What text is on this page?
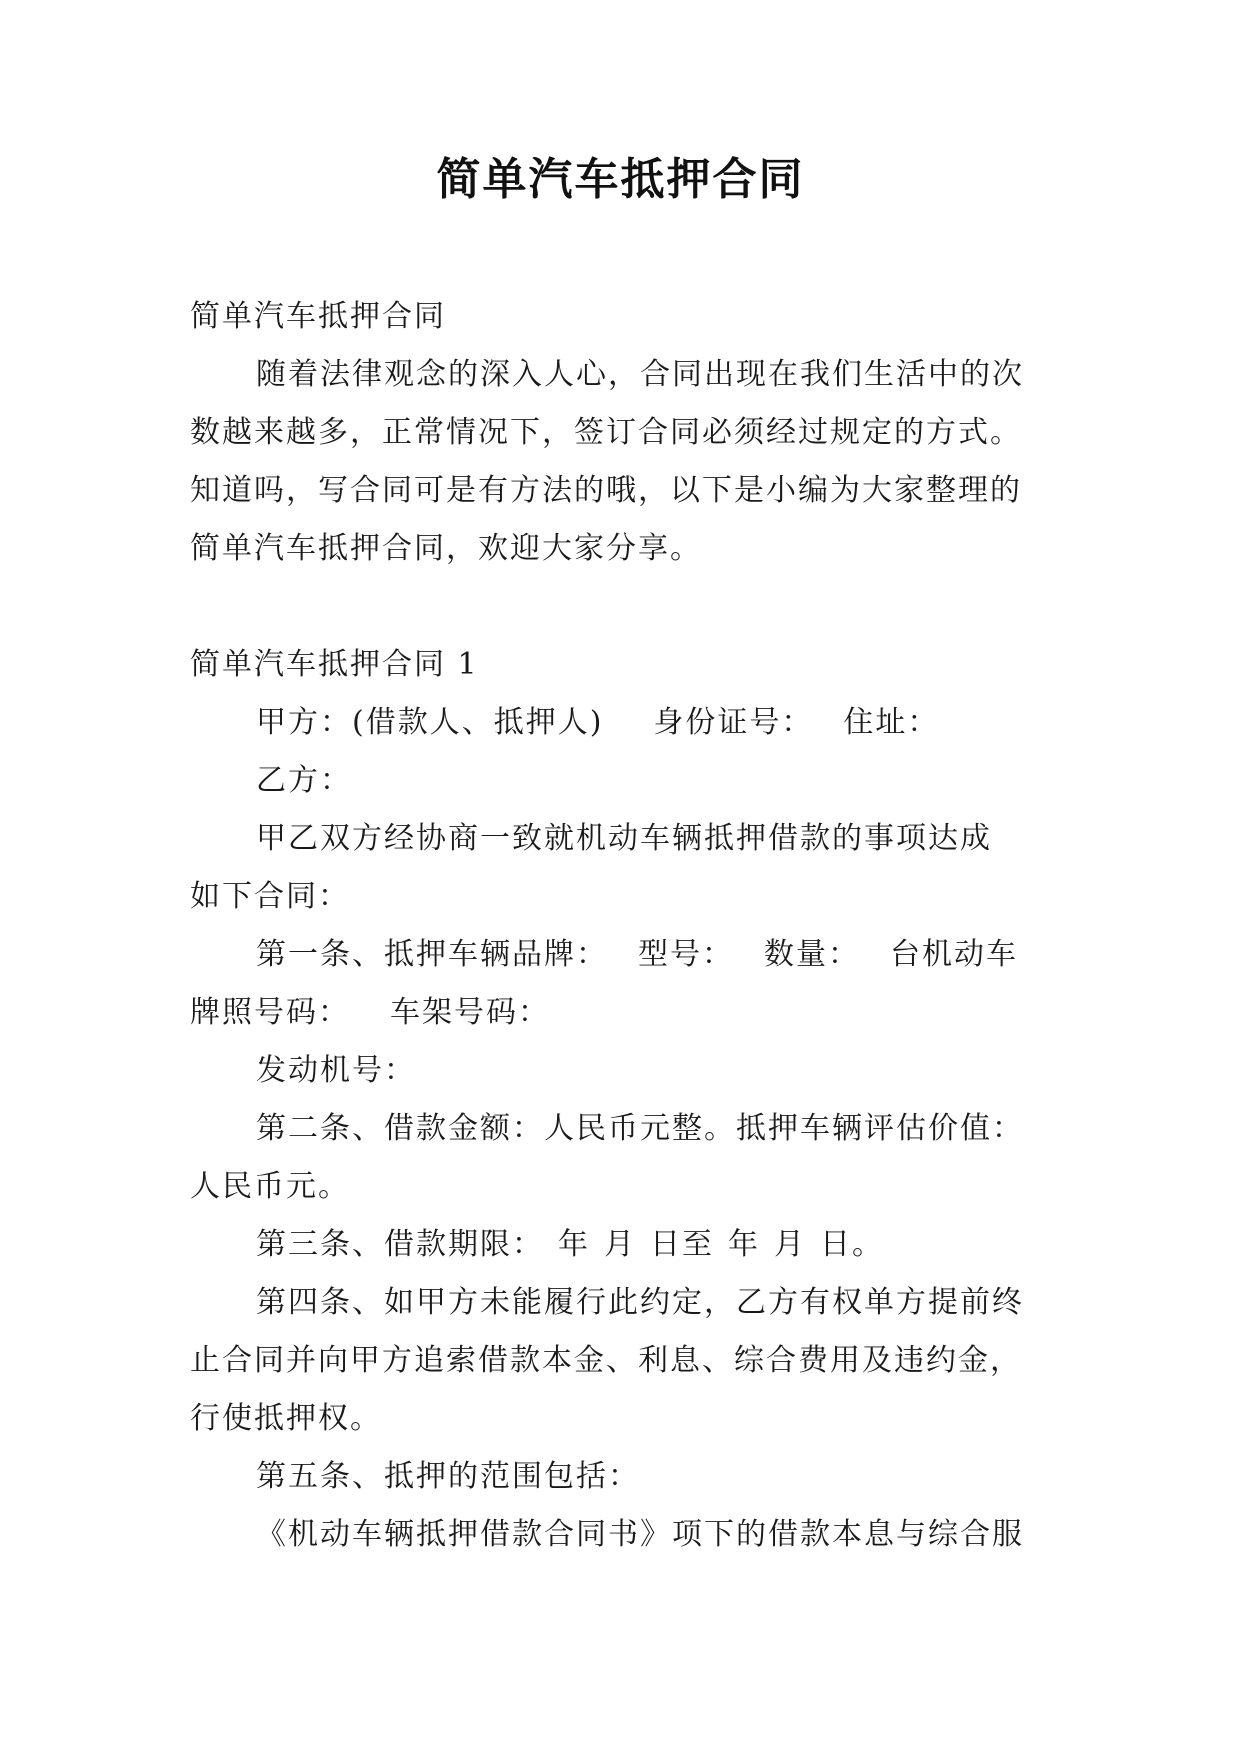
简单汽车抵押合同
简单汽车抵押合同
随着法律观念的深入人心，合同出现在我们生活中的次
数越来越多，正常情况下，签订合同必须经过规定的方式。
知道吗，写合同可是有方法的哦，以下是小编为大家整理的
简单汽车抵押合同，欢迎大家分享。
简单汽车抵押合同 1
甲方：(借款人、抵押人) 身份证号： 住址：
乙方：
甲乙双方经协商一致就机动车辆抵押借款的事项达成
如下合同：
第一条、抵押车辆品牌： 型号： 数量： 台机动车
牌照号码： 车架号码：
发动机号：
第二条、借款金额：人民币元整。抵押车辆评估价值：
人民币元。
第三条、借款期限： 年 月 日至 年 月 日。
第四条、如甲方未能履行此约定，乙方有权单方提前终
止合同并向甲方追索借款本金、利息、综合费用及违约金，
行使抵押权。
第五条、抵押的范围包括：
《机动车辆抵押借款合同书》项下的借款本息与综合服
